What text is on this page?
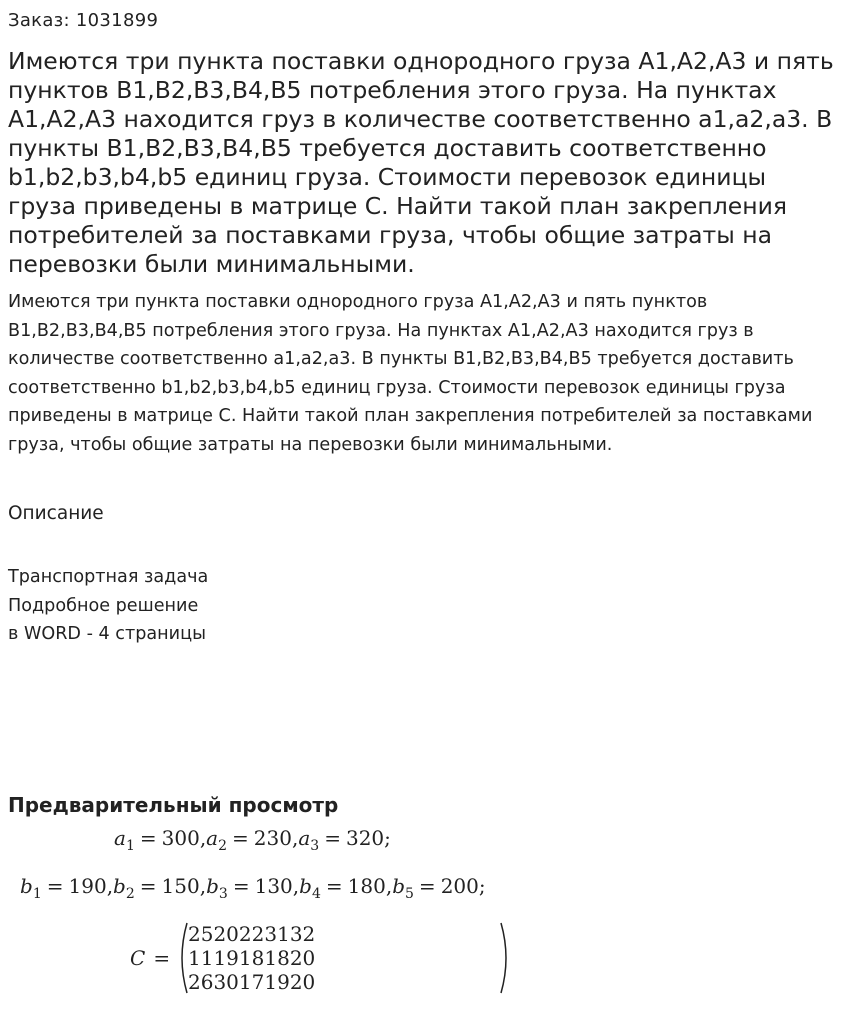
Заказ: 1031899
Имеются три пункта поставки однородного груза А1,А2,А3 и пять пунктов В1,В2,В3,В4,В5 потребления этого груза. На пунктах А1,А2,А3 находится груз в количестве соответственно а1,а2,а3. В пункты В1,В2,В3,В4,В5 требуется доставить соответственно b1,b2,b3,b4,b5 единиц груза. Стоимости перевозок единицы груза приведены в матрице С. Найти такой план закрепления потребителей за поставками груза, чтобы общие затраты на перевозки были минимальными.
Имеются три пункта поставки однородного груза А1,А2,А3 и пять пунктов В1,В2,В3,В4,В5 потребления этого груза. На пунктах А1,А2,А3 находится груз в количестве соответственно а1,а2,а3. В пункты В1,В2,В3,В4,В5 требуется доставить соответственно b1,b2,b3,b4,b5 единиц груза. Стоимости перевозок единицы груза приведены в матрице С. Найти такой план закрепления потребителей за поставками груза, чтобы общие затраты на перевозки были минимальными.
Описание
Транспортная задача
Подробное решение
в WORD - 4 страницы
Предварительный просмотр
$a_1 = 300,a_2 = 230,a_3 = 320$;
$b_1 = 190,b_2 = 150,b_3 = 130,b_4 = 180,b_5 = 200$;
C =
25	20	22	31	32
11	19	18	18	20
26	30	17	19	20
